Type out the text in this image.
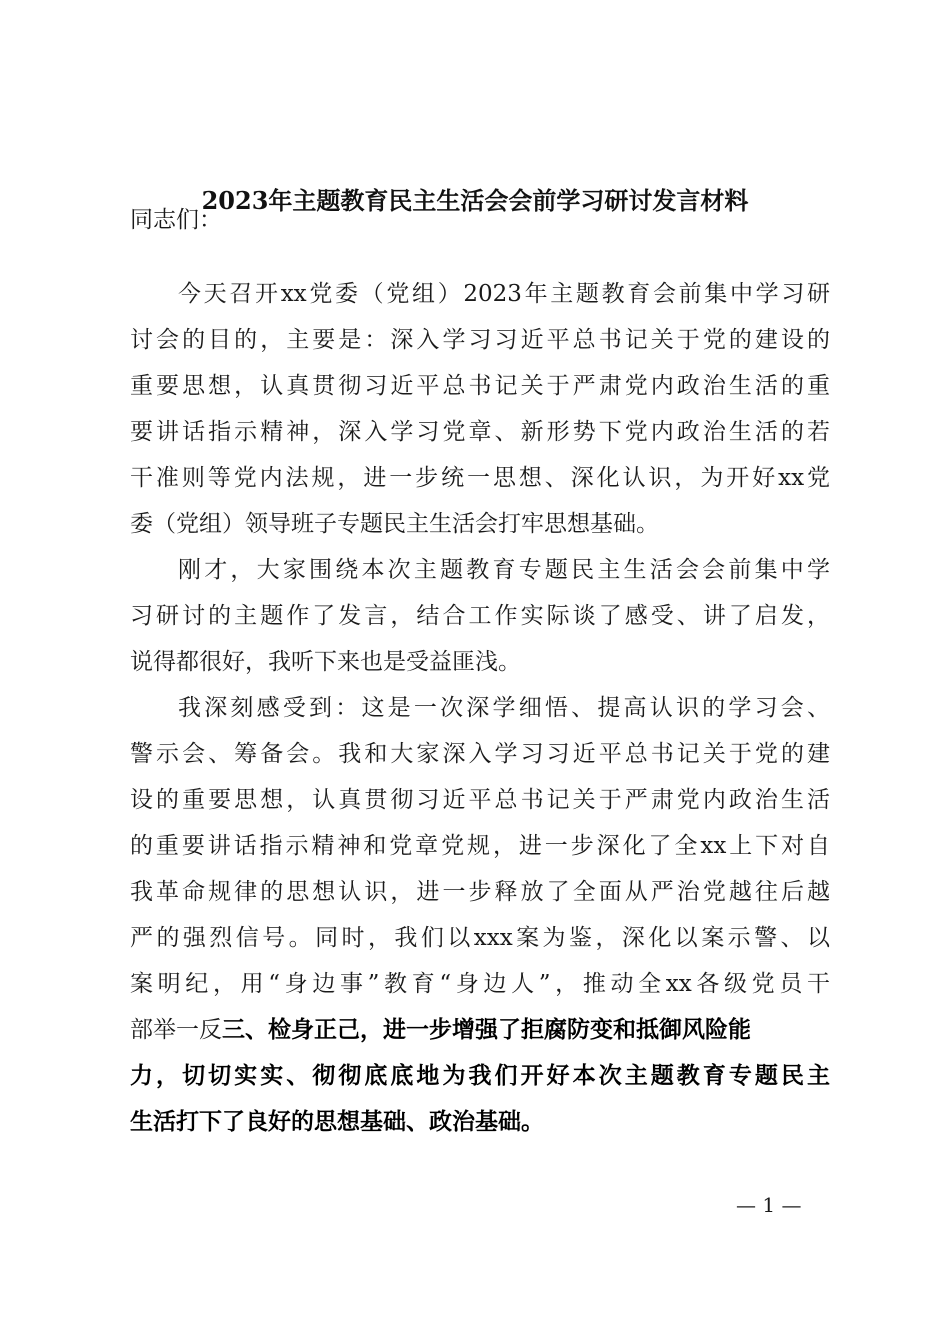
2023年主题教育民主生活会会前学习研讨发言材料
同志们：
今天召开xx党委（党组）2023年主题教育会前集中学习研
讨会的目的，主要是：深入学习习近平总书记关于党的建设的
重要思想，认真贯彻习近平总书记关于严肃党内政治生活的重
要讲话指示精神，深入学习党章、新形势下党内政治生活的若
干准则等党内法规，进一步统一思想、深化认识，为开好xx党
委（党组）领导班子专题民主生活会打牢思想基础。
刚才，大家围绕本次主题教育专题民主生活会会前集中学
习研讨的主题作了发言，结合工作实际谈了感受、讲了启发，
说得都很好，我听下来也是受益匪浅。
我深刻感受到：这是一次深学细悟、提高认识的学习会、
警示会、筹备会。我和大家深入学习习近平总书记关于党的建
设的重要思想，认真贯彻习近平总书记关于严肃党内政治生活
的重要讲话指示精神和党章党规，进一步深化了全xx上下对自
我革命规律的思想认识，进一步释放了全面从严治党越往后越
严的强烈信号。同时，我们以xxx案为鉴，深化以案示警、以
案明纪，用“身边事”教育“身边人”，推动全xx各级党员干
部举一反三、检身正己，进一步增强了拒腐防变和抵御风险能
力，切切实实、彻彻底底地为我们开好本次主题教育专题民主
生活打下了良好的思想基础、政治基础。
— 1 —
